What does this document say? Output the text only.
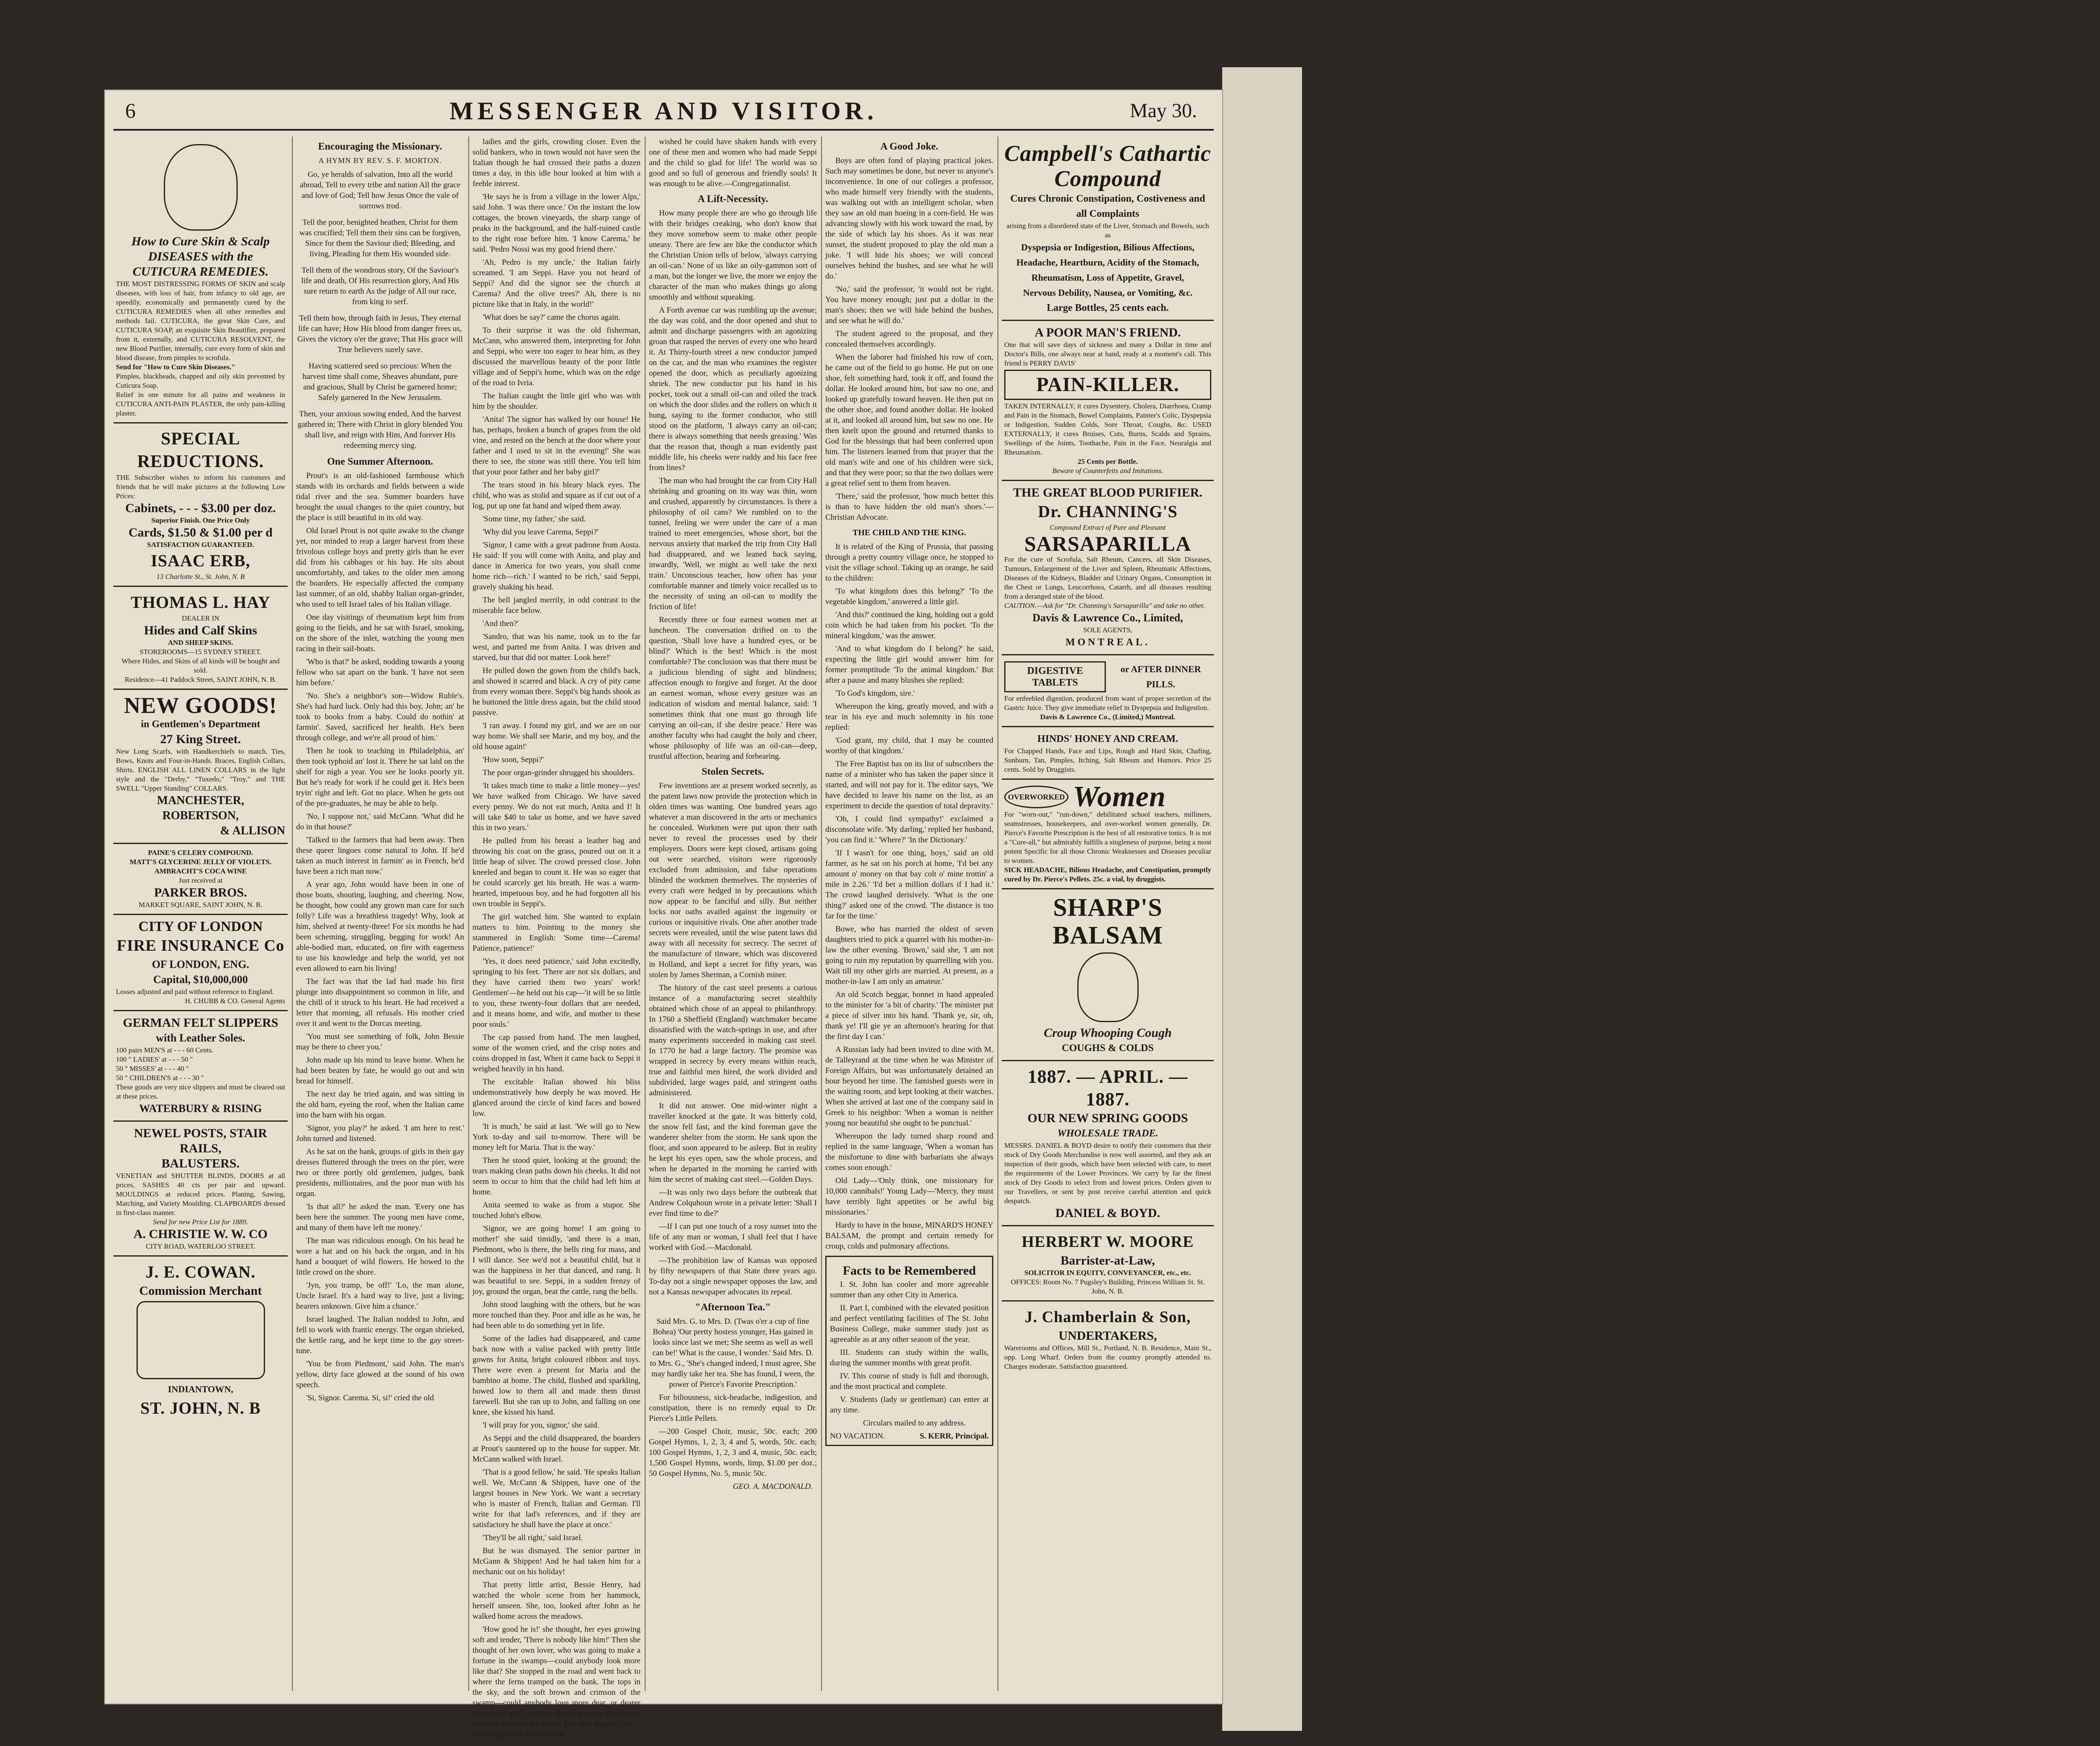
6	MESSENGER AND VISITOR.	May 30.
How to Cure Skin & Scalp DISEASES with the CUTICURA REMEDIES.
THE MOST DISTRESSING FORMS OF SKIN and scalp diseases, with loss of hair, from infancy to old age, are speedily, economically and permanently cured by the CUTICURA REMEDIES when all other remedies and methods fail. CUTICURA, the great Skin Cure, and CUTICURA SOAP, an exquisite Skin Beautifier, prepared from it, externally, and CUTICURA RESOLVENT, the new Blood Purifier, internally, cure every form of skin and blood disease, from pimples to scrofula.
Send for "How to Cure Skin Diseases."
Pimples, blackheads, chapped and oily skin prevented by Cuticura Soap.
Relief in one minute for all pains and weakness in CUTICURA ANTI-PAIN PLASTER, the only pain-killing plaster.
SPECIAL REDUCTIONS.
THE Subscriber wishes to inform his customers and friends that he will make pictures at the following Low Prices:
Cabinets, - - - $3.00 per doz.
Superior Finish. One Price Only
Cards, $1.50 & $1.00 per d
SATISFACTION GUARANTEED.
ISAAC ERB,
13 Charlotte St., St. John, N. B
THOMAS L. HAY
DEALER IN
Hides and Calf Skins
AND SHEEP SKINS.
STOREROOMS—15 SYDNEY STREET.
Where Hides, and Skins of all kinds will be bought and sold.
Residence—41 Paddock Street, SAINT JOHN, N. B.
NEW GOODS!
in Gentlemen's Department
27 King Street.
New Long Scarfs, with Handkerchiefs to match. Ties, Bows, Knots and Four-in-Hands. Braces, English Collars, Shirts. ENGLISH ALL LINEN COLLARS in the light style and the "Derby," "Tuxedo," "Troy," and THE SWELL "Upper Standing" COLLARS.
MANCHESTER,
ROBERTSON,
& ALLISON
PAINE'S CELERY COMPOUND.
MATT'S GLYCERINE JELLY OF VIOLETS.
AMBRACHT'S COCA WINE
Just received at
PARKER BROS.
MARKET SQUARE, SAINT JOHN, N. B.
CITY OF LONDON
FIRE INSURANCE Co
OF LONDON, ENG.
Capital, $10,000,000
Losses adjusted and paid without reference to England.
H. CHUBB & CO. General Agents
GERMAN FELT SLIPPERS
with Leather Soles.
100 pairs MEN'S at - - - 60 Cents.
100 " LADIES' at - - - 50 "
50 " MISSES' at - - - 40 "
50 " CHILDREN'S at - - - 30 "
These goods are very nice slippers and must be cleared out at these prices.
WATERBURY & RISING
NEWEL POSTS, STAIR RAILS,
BALUSTERS.
VENETIAN and SHUTTER BLINDS, DOORS at all prices, SASHES 40 cts per pair and upward. MOULDINGS at reduced prices. Planing, Sawing, Matching, and Variety Moulding. CLAPBOARDS dressed in first-class manner.
Send for new Price List for 1889.
A. CHRISTIE W. W. CO
CITY ROAD, WATERLOO STREET.
J. E. COWAN.
Commission Merchant
INDIANTOWN,
ST. JOHN, N. B
Encouraging the Missionary.
A HYMN BY REV. S. F. MORTON.

Go, ye heralds of salvation, Into all the world abroad, Tell to every tribe and nation All the grace and love of God; Tell how Jesus Once the vale of sorrows trod.

Tell the poor, benighted heathen, Christ for them was crucified; Tell them their sins can be forgiven, Since for them the Saviour died; Bleeding, and living, Pleading for them His wounded side.

Tell them of the wondrous story, Of the Saviour's life and death, Of His resurrection glory, And His sure return to earth As the judge of All our race, from king to serf.

Tell them how, through faith in Jesus, They eternal life can have; How His blood from danger frees us, Gives the victory o'er the grave; That His grace will True believers surely save.

Having scattered seed so precious: When the harvest time shall come, Sheaves abundant, pure and gracious, Shall by Christ be garnered home; Safely garnered In the New Jerusalem.

Then, your anxious sowing ended, And the harvest gathered in; There with Christ in glory blended You shall live, and reign with Him, And forever His redeeming mercy sing.

One Summer Afternoon.

Prout's is an old-fashioned farmhouse which stands with its orchards and fields between a wide tidal river and the sea. Summer boarders have brought the usual changes to the quiet country, but the place is still beautiful in its old way.

Old Israel Prout is not quite awake to the change yet, nor minded to reap a larger harvest from these frivolous college boys and pretty girls than he ever did from his cabbages or his hay. He sits about uncomfortably, and takes to the older men among the boarders. He especially affected the company last summer, of an old, shabby Italian organ-grinder, who used to tell Israel tales of his Italian village.

One day visitings of rheumatism kept him from going to the fields, and he sat with Israel, smoking, on the shore of the inlet, watching the young men racing in their sail-boats.

'Who is that?' he asked, nodding towards a young fellow who sat apart on the bank. 'I have not seen him before.'

'No. She's a neighbor's son—Widow Ruble's. She's had hard luck. Only had this boy, John; an' he took to books from a baby. Could do nothin' at farmin'. Saved, sacrificed her health. He's been through college, and we're all proud of him.'

Then he took to teaching in Philadelphia, an' then took typhoid an' lost it. There he sat laid on the shelf for nigh a year. You see he looks poorly yit. But he's ready for work if he could get it. He's been tryin' right and left. Got no place. When he gets out of the pre-graduates, he may be able to help.

'No, I suppose not,' said McCann. 'What did he do in that house?'

'Talked to the farmers that had been away. Then these queer lingoes come natural to John. If he'd taken as much interest in farmin' as in French, he'd have been a rich man now.'

A year ago, John would have been in one of those boats, shouting, laughing, and cheering. Now, he thought, how could any grown man care for such folly? Life was a breathless tragedy! Why, look at him, shelved at twenty-three! For six months he had been scheming, struggling, begging for work! An able-bodied man, educated, on fire with eagerness to use his knowledge and help the world, yet not even allowed to earn his living!

The fact was that the lad had made his first plunge into disappointment so common in life, and the chill of it struck to his heart. He had received a letter that morning, all refusals. His mother cried over it and went to the Dorcas meeting.

'You must see something of folk, John Bessie may be there to cheer you.'

John made up his mind to leave home. When he had been beaten by fate, he would go out and win bread for himself.

The next day he tried again, and was sitting in the old barn, eyeing the roof, when the Italian came into the barn with his organ.

'Signor, you play?' he asked. 'I am here to rest.' John turned and listened.

As he sat on the bank, groups of girls in their gay dresses fluttered through the trees on the pier, were two or three portly old gentlemen, judges, bank presidents, millionaires, and the poor man with his organ.

'Is that all?' he asked the man. 'Every one has been here the summer. The young men have come, and many of them have left me money.'

The man was ridiculous enough. On his head he wore a hat and on his back the organ, and in his hand a bouquet of wild flowers. He bowed to the little crowd on the shore.

'Jyn, you tramp, be off!' 'Lo, the man alone, Uncle Israel. It's a hard way to live, just a living; hearers unknown. Give him a chance.'

Israel laughed. The Italian nodded to John, and fell to work with frantic energy. The organ shrieked, the kettle rang, and he kept time to the gay street-tune.

'You be from Piedmont,' said John. The man's yellow, dirty face glowed at the sound of his own speech.

'Si, Signor. Carema. Si, si!' cried the old

ladies and the girls, crowding closer. Even the solid bankers, who in town would not have seen the Italian though he had crossed their paths a dozen times a day, in this idle hour looked at him with a feeble interest.

'He says he is from a village in the lower Alps,' said John. 'I was there once.' On the instant the low cottages, the brown vineyards, the sharp range of peaks in the background, and the half-ruined castle to the right rose before him. 'I know Carema,' he said. 'Pedro Nossi was my good friend there.'

'Ah, Pedro is my uncle,' the Italian fairly screamed. 'I am Seppi. Have you not heard of Seppi? And did the signor see the church at Carema? And the olive trees?' Ah, there is no picture like that in Italy, in the world!'

'What does he say?' came the chorus again.

To their surprise it was the old fisherman, McCann, who answered them, interpreting for John and Seppi, who were too eager to hear him, as they discussed the marvellous beauty of the poor little village and of Seppi's home, which was on the edge of the road to Ivria.

The Italian caught the little girl who was with him by the shoulder.

'Anita! The signor has walked by our house! He has, perhaps, broken a bunch of grapes from the old vine, and rested on the bench at the door where your father and I used to sit in the evening!' She was there to see, the stone was still there. You tell him that your poor father and her baby girl?'

The tears stood in his bleary black eyes. The child, who was as stolid and square as if cut out of a log, put up one fat hand and wiped them away.

'Some time, my father,' she said.

'Why did you leave Carema, Seppi?'

'Signor, I came with a great padrone from Aosta. He said: If you will come with Anita, and play and dance in America for two years, you shall come home rich—rich.' I wanted to be rich,' said Seppi, gravely shaking his head.

The bell jangled merrily, in odd contrast to the miserable face below.

'And then?'

'Sandro, that was his name, took us to the far west, and parted me from Anita. I was driven and starved, but that did not matter. Look here!'

He pulled down the gown from the child's back, and showed it scarred and black. A cry of pity came from every woman there. Seppi's big hands shook as he buttoned the little dress again, but the child stood passive.

'I ran away. I found my girl, and we are on our way home. We shall see Marie, and my boy, and the old house again!'

'How soon, Seppi?'

The poor organ-grinder shrugged his shoulders.

'It takes much time to make a little money—yes! We have walked from Chicago. We have saved every penny. We do not eat much, Anita and I! It will take $40 to take us home, and we have saved this in two years.'

He pulled from his breast a leather bag and throwing his coat on the grass, poured out on it a little heap of silver. The crowd pressed close. John kneeled and began to count it. He was so eager that he could scarcely get his breath. He was a warm-hearted, impetuous boy, and he had forgotten all his own trouble in Seppi's.

The girl watched him. She wanted to explain matters to him. Pointing to the money she stammered in English: 'Some time—Carema! Patience, patience!'

'Yes, it does need patience,' said John excitedly, springing to his feet. 'There are not six dollars, and they have carried them two years' work! Gentlemen'—he held out his cap—'it will be so little to you, these twenty-four dollars that are needed, and it means home, and wife, and mother to these poor souls.'

The cap passed from hand. The men laughed, some of the women cried, and the crisp notes and coins dropped in fast, When it came back to Seppi it weighed heavily in his hand.

The excitable Italian showed his bliss undemonstratively how deeply he was moved. He glanced around the circle of kind faces and bowed low.

'It is much,' he said at last. 'We will go to New York to-day and sail to-morrow. There will be money left for Maria. That is the way.'

Then he stood quiet, looking at the ground; the tears making clean paths down his cheeks. It did not seem to occur to him that the child had left him at home.

Anita seemed to wake as from a stupor. She touched John's elbow.

'Signor, we are going home! I am going to mother!' she said timidly, 'and there is a man, Piedmont, who is there, the bells ring for mass, and I will dance. See we'd not a beautiful child, but it was the happiness in her that danced, and rang. It was beautiful to see. Seppi, in a sudden frenzy of joy, ground the organ, beat the cattle, rang the bells.

John stood laughing with the others, but he was more touched than they. Poor and idle as he was, he had been able to do something yet in life.

Some of the ladies had disappeared, and came back now with a valise packed with pretty little gowns for Anita, bright coloured ribbon and toys. There were even a present for Maria and the bambino at home. The child, flushed and sparkling, bowed low to them all and made them thrust farewell. But she ran up to John, and falling on one knee, she kissed his hand.

'I will pray for you, signor,' she said.

As Seppi and the child disappeared, the boarders at Prout's sauntered up to the house for supper. Mr. McCann walked with Israel.

'That is a good fellow,' he said. 'He speaks Italian well. We, McCann & Shippen, have one of the largest houses in New York. We want a secretary who is master of French, Italian and German. I'll write for that lad's references, and if they are satisfactory he shall have the place at once.'

'They'll be all right,' said Israel.

But he was dismayed. The senior partner in McGann & Shippen! And he had taken him for a mechanic out on his holiday!

That pretty little artist, Bessie Henry, had watched the whole scene from her hammock, herself unseen. She, too, looked after John as he walked home across the meadows.

'How good he is!' she thought, her eyes growing soft and tender, 'There is nobody like him!' Then she thought of her own lover, who was going to make a fortune in the swamps—could anybody look more like that? She stopped in the road and went back to where the ferns tramped on the bank. The tops in the sky, and the soft brown and crimson of the swamp—could anybody love more dear, or dearer than that? and crushed, shooting away the crusty, crimson water of the creek. The blue dragon-flies—how happy they all were! He

wished he could have shaken hands with every one of these men and women who had made Seppi and the child so glad for life! The world was so good and so full of generous and friendly souls! It was enough to be alive.—Congregationalist.

A Lift-Necessity.

How many people there are who go through life with their bridges creaking, who don't know that they move somehow seem to make other people uneasy. There are few are like the conductor which the Christian Union tells of below, 'always carrying an oil-can.' None of us like an oily-gammon sort of a man, but the longer we live, the more we enjoy the character of the man who makes things go along smoothly and without squeaking.

A Forth avenue car was rumbling up the avenue; the day was cold, and the door opened and shut to admit and discharge passengers with an agonizing groan that rasped the nerves of every one who heard it. At Thirty-fourth street a new conductor jumped on the car, and the man who examines the register opened the door, which as peculiarly agonizing shriek. The new conductor put his hand in his pocket, took out a small oil-can and oiled the track on which the door slides and the rollers on which it hung, saying to the former conductor, who still stood on the platform, 'I always carry an oil-can; there is always something that needs greasing.' Was that the reason that, though a man evidently past middle life, his cheeks were ruddy and his face free from lines?

The man who had brought the car from City Hall shrinking and groaning on its way was thin, worn and crushed, apparently by circumstances. Is there a philosophy of oil cans? We rumbled on to the tunnel, feeling we were under the care of a man trained to meet emergencies, whose short, but the nervous anxiety that marked the trip from City Hall had disappeared, and we leaned back saying, inwardly, 'Well, we might as well take the next train.' Unconscious teacher, how often has your comfortable manner and timely voice recalled us to the necessity of using an oil-can to modify the friction of life!

Recently three or four earnest women met at luncheon. The conversation drifted on to the question, 'Shall love have a hundred eyes, or be blind?' Which is the best! Which is the most comfortable? The conclusion was that there must be a judicious blending of sight and blindness; affection enough to forgive and forget. At the door an earnest woman, whose every gesture was an indication of wisdom and mental balance, said: 'I sometimes think that one must go through life carrying an oil-can, if she desire peace.' Here was another faculty who had caught the holy and cheer, whose philosophy of life was an oil-can—deep, trustful affection, bearing and forbearing.

Stolen Secrets.

Few inventions are at present worked secretly, as the patent laws now provide the protection which in olden times was wanting. One hundred years ago whatever a man discovered in the arts or mechanics he concealed. Workmen were put upon their oath never to reveal the processes used by their employers. Doors were kept closed, artisans going out were searched, visitors were rigorously excluded from admission, and false operations blinded the workmen themselves. The mysteries of every craft were hedged in by precautions which now appear to be fanciful and silly. But neither locks nor oaths availed against the ingenuity or curious or inquisitive rivals. One after another trade secrets were revealed, until the wise patent laws did away with all necessity for secrecy. The secret of the manufacture of tinware, which was discovered in Holland, and kept a secret for fifty years, was stolen by James Sherman, a Cornish miner.

The history of the cast steel presents a curious instance of a manufacturing secret stealthily obtained which chose of an appeal to philanthropy. In 1760 a Sheffield (England) watchmaker became dissatisfied with the watch-springs in use, and after many experiments succeeded in making cast steel. In 1770 he had a large factory. The promise was wrapped in secrecy by every means within reach, true and faithful men hired, the work divided and subdivided, large wages paid, and stringent oaths administered.

It did not answer. One mid-winter night a traveller knocked at the gate. It was bitterly cold, the snow fell fast, and the kind foreman gave the wanderer shelter from the storm. He sank upon the floor, and soon appeared to be asleep. But in reality he kept his eyes open, saw the whole process, and when he departed in the morning he carried with him the secret of making cast steel.—Golden Days.

—It was only two days before the outbreak that Andrew Colquhoun wrote in a private letter: 'Shall I ever find time to die?'

—If I can put one touch of a rosy sunset into the life of any man or woman, I shall feel that I have worked with God.—Macdonald.

—The prohibition law of Kansas was opposed by fifty newspapers of that State three years ago. To-day not a single newspaper opposes the law, and not a Kansas newspaper advocates its repeal.

"Afternoon Tea."

Said Mrs. G. to Mrs. D. (Twas o'er a cup of fine Bohea) 'Our pretty hostess younger, Has gained in looks since last we met; She seems as well as well can be!' What is the cause, I wonder.' Said Mrs. D. to Mrs. G., 'She's changed indeed, I must agree, She may hardly take her tea. She has found, I ween, the power of Pierce's Favorite Prescription.'

For biliousness, sick-headache, indigestion, and constipation, there is no remedy equal to Dr. Pierce's Little Pellets.

—200 Gospel Choir, music, 50c. each; 200 Gospel Hymns, 1, 2, 3, 4 and 5, words, 50c. each; 100 Gospel Hymns, 1, 2, 3 and 4, music, 50c. each; 1,500 Gospel Hymns, words, limp, $1.00 per doz.; 50 Gospel Hymns, No. 5, music 50c.

GEO. A. MACDONALD.
A Good Joke.

Boys are often fond of playing practical jokes. Such may sometimes be done, but never to anyone's inconvenience. In one of our colleges a professor, who made himself very friendly with the students, was walking out with an intelligent scholar, when they saw an old man hoeing in a corn-field. He was advancing slowly with his work toward the road, by the side of which lay his shoes. As it was near sunset, the student proposed to play the old man a joke. 'I will hide his shoes; we will conceal ourselves behind the bushes, and see what he will do.'

'No,' said the professor, 'it would not be right. You have money enough; just put a dollar in the man's shoes; then we will hide behind the bushes, and see what he will do.'

The student agreed to the proposal, and they concealed themselves accordingly.

When the laborer had finished his row of corn, he came out of the field to go home. He put on one shoe, felt something hard, took it off, and found the dollar. He looked around him, but saw no one, and looked up gratefully toward heaven. He then put on the other shoe, and found another dollar. He looked at it, and looked all around him, but saw no one. He then knelt upon the ground and returned thanks to God for the blessings that had been conferred upon him. The listeners learned from that prayer that the old man's wife and one of his children were sick, and that they were poor; so that the two dollars were a great relief sent to them from heaven.

'There,' said the professor, 'how much better this is than to have hidden the old man's shoes.'—Christian Advocate.

THE CHILD AND THE KING.

It is related of the King of Prussia, that passing through a pretty country village once, he stopped to visit the village school. Taking up an orange, he said to the children:

'To what kingdom does this belong?' 'To the vegetable kingdom,' answered a little girl.

'And this?' continued the king, holding out a gold coin which he had taken from his pocket. 'To the mineral kingdom,' was the answer.

'And to what kingdom do I belong?' he said, expecting the little girl would answer him for former promptitude 'To the animal kingdom.' But after a pause and many blushes she replied:

'To God's kingdom, sire.'

Whereupon the king, greatly moved, and with a tear in his eye and much solemnity in his tone replied:

'God grant, my child, that I may be counted worthy of that kingdom.'

The Free Baptist has on its list of subscribers the name of a minister who has taken the paper since it started, and will not pay for it. The editor says, 'We have decided to leave his name on the list, as an experiment to decide the question of total depravity.'

'Oh, I could find sympathy!' exclaimed a disconsolate wife. 'My darling,' replied her husband, 'you can find it.' 'Where?' 'In the Dictionary.'

'If I wasn't for one thing, boys,' said an old farmer, as he sat on his porch at home, 'I'd bet any amount o' money on that bay colt o' mine trottin' a mile in 2.26.' 'I'd bet a million dollars if I had it.' The crowd laughed derisively. 'What is the one thing?' asked one of the crowd. 'The distance is too far for the time.'

Bowe, who has married the oldest of seven daughters tried to pick a quarrel with his mother-in-law the other evening. 'Brown,' said she, 'I am not going to ruin my reputation by quarrelling with you. Wait till my other girls are married. At present, as a mother-in-law I am only an amateur.'

An old Scotch beggar, bonnet in hand appealed to the minister for 'a bit of charity.' The minister put a piece of silver into his hand. 'Thank ye, sir, oh, thank ye! I'll gie ye an afternoon's hearing for that the first day I can.'

A Russian lady had been invited to dine with M. de Talleyrand at the time when he was Minister of Foreign Affairs, but was unfortunately detained an hour beyond her time. The famished guests were in the waiting room, and kept looking at their watches. When she arrived at last one of the company said in Greek to his neighbor: 'When a woman is neither young nor beautiful she ought to be punctual.'

Whereupon the lady turned sharp round and replied in the same language, 'When a woman has the misfortune to dine with barbarians she always comes soon enough.'

Old Lady—'Only think, one missionary for 10,000 cannibals!' Young Lady—'Mercy, they must have terribly light appetites or be awful big missionaries.'

Hardy to have in the house, MINARD'S HONEY BALSAM, the prompt and certain remedy for croup, colds and pulmonary affections.

Facts to be Remembered

I. St. John has cooler and more agreeable summer than any other City in America.

II. Part I, combined with the elevated position and perfect ventilating facilities of The St. John Business College, make summer study just as agreeable as at any other season of the year.

III. Students can study within the walls, during the summer months with great profit.

IV. This course of study is full and thorough, and the most practical and complete.

V. Students (lady or gentleman) can enter at any time.

Circulars mailed to any address.

NO VACATION.	S. KERR, Principal.
Campbell's Cathartic Compound
Cures Chronic Constipation, Costiveness and all Complaints
arising from a disordered state of the Liver, Stomach and Bowels, such as
Dyspepsia or Indigestion, Bilious Affections,
Headache, Heartburn, Acidity of the Stomach, Rheumatism, Loss of Appetite, Gravel,
Nervous Debility, Nausea, or Vomiting, &c.
Large Bottles, 25 cents each.
A POOR MAN'S FRIEND.
One that will save days of sickness and many a Dollar in time and Doctor's Bills, one always near at hand, ready at a moment's call. This friend is PERRY DAVIS'
PAIN-KILLER.
TAKEN INTERNALLY, it cures Dysentery, Cholera, Diarrhoea, Cramp and Pain in the Stomach, Bowel Complaints, Painter's Colic, Dyspepsia or Indigestion, Sudden Colds, Sore Throat, Coughs, &c. USED EXTERNALLY, it cures Bruises, Cuts, Burns, Scalds and Sprains, Swellings of the Joints, Toothache, Pain in the Face, Neuralgia and Rheumatism.
25 Cents per Bottle.
Beware of Counterfeits and Imitations.
THE GREAT BLOOD PURIFIER.
Dr. CHANNING'S
Compound Extract of Pure and Pleasant
SARSAPARILLA
For the cure of Scrofula, Salt Rheum, Cancers, all Skin Diseases, Tumours, Enlargement of the Liver and Spleen, Rheumatic Affections, Diseases of the Kidneys, Bladder and Urinary Organs, Consumption in the Chest or Lungs, Leucorrhoea, Catarrh, and all diseases resulting from a deranged state of the blood.
CAUTION.—Ask for "Dr. Channing's Sarsaparilla" and take no other.
Davis & Lawrence Co., Limited,
SOLE AGENTS,
MONTREAL.
DIGESTIVE TABLETS
or AFTER DINNER PILLS.
For enfeebled digestion, produced from want of proper secretion of the Gastric Juice. They give immediate relief in Dyspepsia and Indigestion.
Davis & Lawrence Co., (Limited,) Montreal.
HINDS' HONEY AND CREAM.
For Chapped Hands, Face and Lips, Rough and Hard Skin, Chafing, Sunburn, Tan, Pimples, Itching, Salt Rheum and Humors. Price 25 cents. Sold by Druggists.
OVERWORKED Women
For "worn-out," "run-down," debilitated school teachers, milliners, seamstresses, housekeepers, and over-worked women generally, Dr. Pierce's Favorite Prescription is the best of all restorative tonics. It is not a "Cure-all," but admirably fulfills a singleness of purpose, being a most potent Specific for all those Chronic Weaknesses and Diseases peculiar to women.
SICK HEADACHE, Bilious Headache, and Constipation, promptly cured by Dr. Pierce's Pellets. 25c. a vial, by druggists.
SHARP'S
BALSAM
Croup Whooping Cough
COUGHS & COLDS
1887. — APRIL. — 1887.
OUR NEW SPRING GOODS
WHOLESALE TRADE.
MESSRS. DANIEL & BOYD desire to notify their customers that their stock of Dry Goods Merchandise is now well assorted, and they ask an inspection of their goods, which have been selected with care, to meet the requirements of the Lower Provinces. We carry by far the finest stock of Dry Goods to select from and lowest prices. Orders given to our Travellers, or sent by post receive careful attention and quick despatch.
DANIEL & BOYD.
HERBERT W. MOORE
Barrister-at-Law,
SOLICITOR IN EQUITY, CONVEYANCER, etc., etc.
OFFICES: Room No. 7 Pugsley's Building, Princess William St. St. John, N. B.
J. Chamberlain & Son,
UNDERTAKERS,
Warerooms and Offices, Mill St., Portland, N. B. Residence, Main St., opp. Long Wharf. Orders from the country promptly attended to. Charges moderate. Satisfaction guaranteed.
